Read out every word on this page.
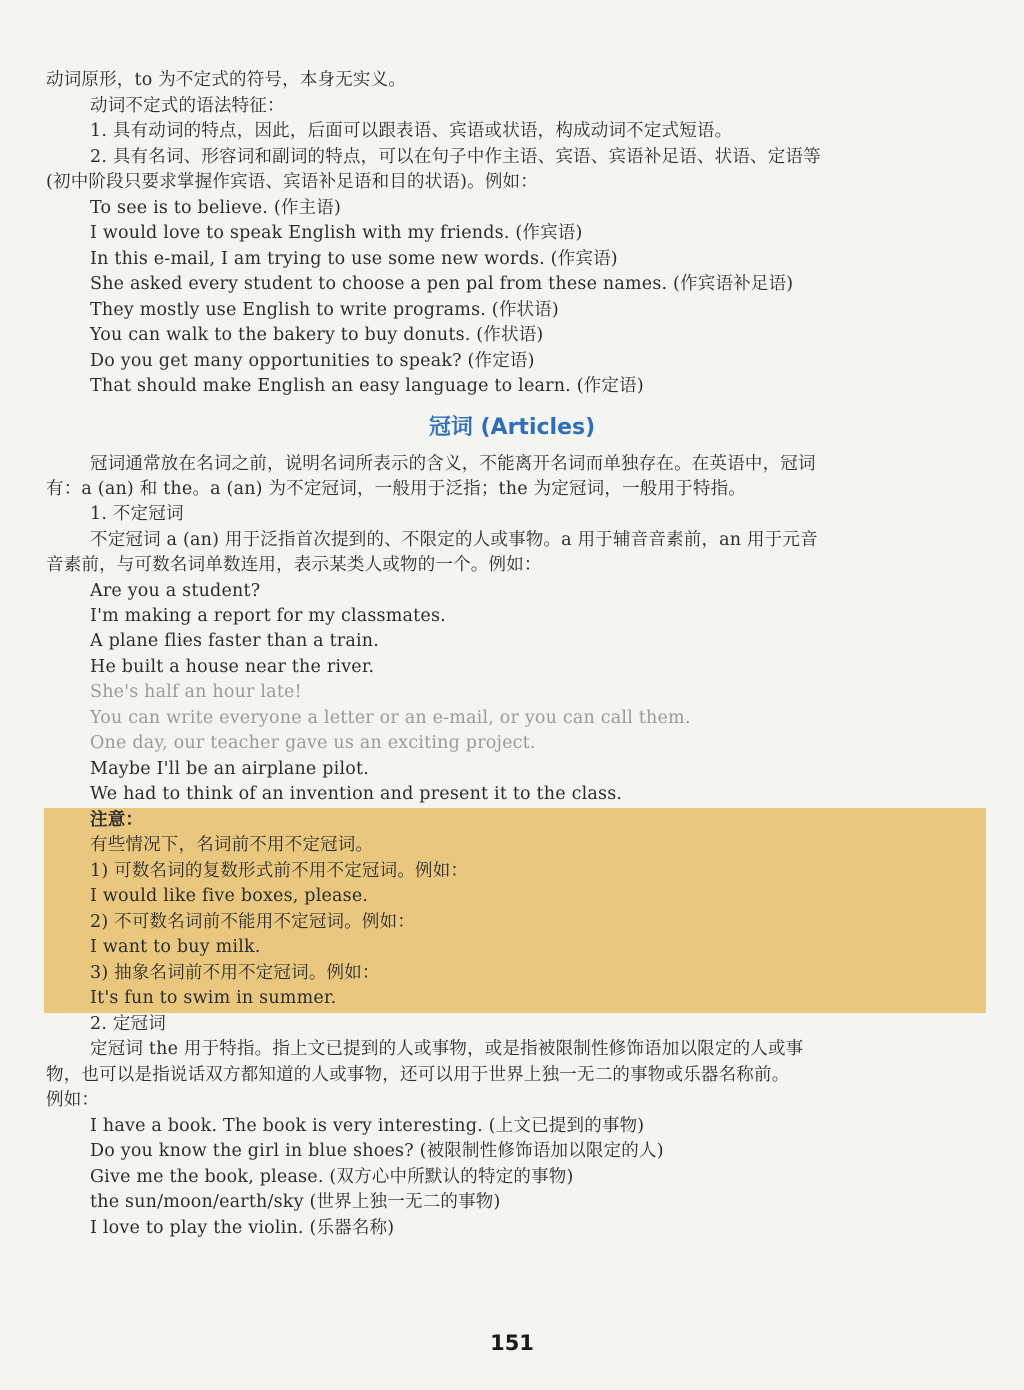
动词原形，to 为不定式的符号，本身无实义。
动词不定式的语法特征：
1. 具有动词的特点，因此，后面可以跟表语、宾语或状语，构成动词不定式短语。
2. 具有名词、形容词和副词的特点，可以在句子中作主语、宾语、宾语补足语、状语、定语等
(初中阶段只要求掌握作宾语、宾语补足语和目的状语)。例如：
To see is to believe. (作主语)
I would love to speak English with my friends. (作宾语)
In this e-mail, I am trying to use some new words. (作宾语)
She asked every student to choose a pen pal from these names. (作宾语补足语)
They mostly use English to write programs. (作状语)
You can walk to the bakery to buy donuts. (作状语)
Do you get many opportunities to speak? (作定语)
That should make English an easy language to learn. (作定语)
冠词 (Articles)
冠词通常放在名词之前，说明名词所表示的含义，不能离开名词而单独存在。在英语中，冠词
有：a (an) 和 the。a (an) 为不定冠词，一般用于泛指；the 为定冠词，一般用于特指。
1. 不定冠词
不定冠词 a (an) 用于泛指首次提到的、不限定的人或事物。a 用于辅音音素前，an 用于元音
音素前，与可数名词单数连用，表示某类人或物的一个。例如：
Are you a student?
I'm making a report for my classmates.
A plane flies faster than a train.
He built a house near the river.
She's half an hour late!
You can write everyone a letter or an e-mail, or you can call them.
One day, our teacher gave us an exciting project.
Maybe I'll be an airplane pilot.
We had to think of an invention and present it to the class.
注意：
有些情况下，名词前不用不定冠词。
1) 可数名词的复数形式前不用不定冠词。例如：
I would like five boxes, please.
2) 不可数名词前不能用不定冠词。例如：
I want to buy milk.
3) 抽象名词前不用不定冠词。例如：
It's fun to swim in summer.
2. 定冠词
定冠词 the 用于特指。指上文已提到的人或事物，或是指被限制性修饰语加以限定的人或事
物，也可以是指说话双方都知道的人或事物，还可以用于世界上独一无二的事物或乐器名称前。
例如：
I have a book. The book is very interesting. (上文已提到的事物)
Do you know the girl in blue shoes? (被限制性修饰语加以限定的人)
Give me the book, please. (双方心中所默认的特定的事物)
the sun/moon/earth/sky (世界上独一无二的事物)
I love to play the violin. (乐器名称)
151
